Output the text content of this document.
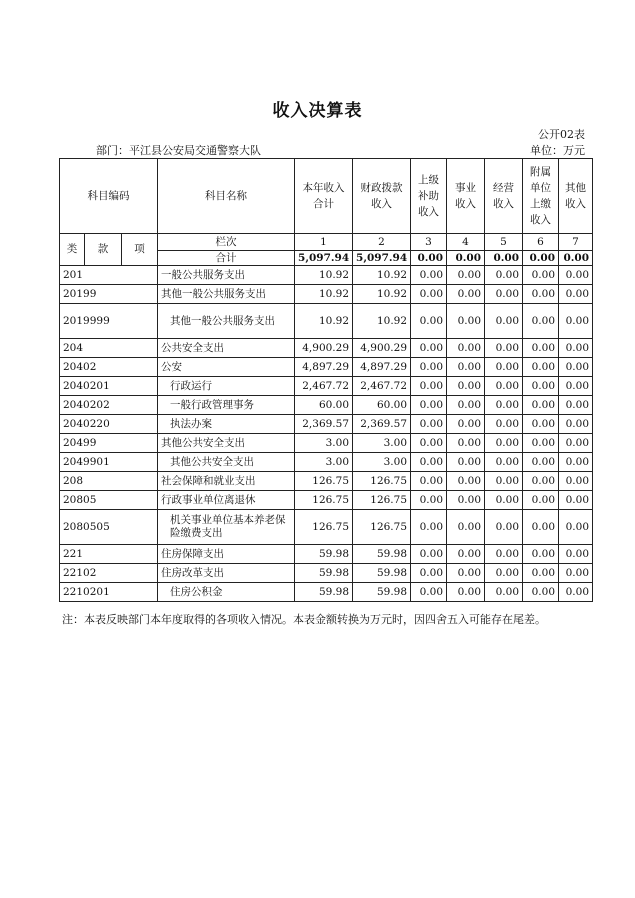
收入决算表
公开02表
部门：平江县公安局交通警察大队	单位：万元
科目编码			科目名称	本年收入合计	财政拨款收入	上级补助收入	事业收入	经营收入	附属单位上缴收入	其他收入
类	款	项	栏次	1	2	3	4	5	6	7
			合计	5,097.94	5,097.94	0.00	0.00	0.00	0.00	0.00
201			一般公共服务支出	10.92	10.92	0.00	0.00	0.00	0.00	0.00
20199			其他一般公共服务支出	10.92	10.92	0.00	0.00	0.00	0.00	0.00
2019999			其他一般公共服务支出	10.92	10.92	0.00	0.00	0.00	0.00	0.00
204			公共安全支出	4,900.29	4,900.29	0.00	0.00	0.00	0.00	0.00
20402			公安	4,897.29	4,897.29	0.00	0.00	0.00	0.00	0.00
2040201			行政运行	2,467.72	2,467.72	0.00	0.00	0.00	0.00	0.00
2040202			一般行政管理事务	60.00	60.00	0.00	0.00	0.00	0.00	0.00
2040220			执法办案	2,369.57	2,369.57	0.00	0.00	0.00	0.00	0.00
20499			其他公共安全支出	3.00	3.00	0.00	0.00	0.00	0.00	0.00
2049901			其他公共安全支出	3.00	3.00	0.00	0.00	0.00	0.00	0.00
208			社会保障和就业支出	126.75	126.75	0.00	0.00	0.00	0.00	0.00
20805			行政事业单位离退休	126.75	126.75	0.00	0.00	0.00	0.00	0.00
2080505			机关事业单位基本养老保险缴费支出	126.75	126.75	0.00	0.00	0.00	0.00	0.00
221			住房保障支出	59.98	59.98	0.00	0.00	0.00	0.00	0.00
22102			住房改革支出	59.98	59.98	0.00	0.00	0.00	0.00	0.00
2210201			住房公积金	59.98	59.98	0.00	0.00	0.00	0.00	0.00
注：本表反映部门本年度取得的各项收入情况。本表金额转换为万元时，因四舍五入可能存在尾差。
